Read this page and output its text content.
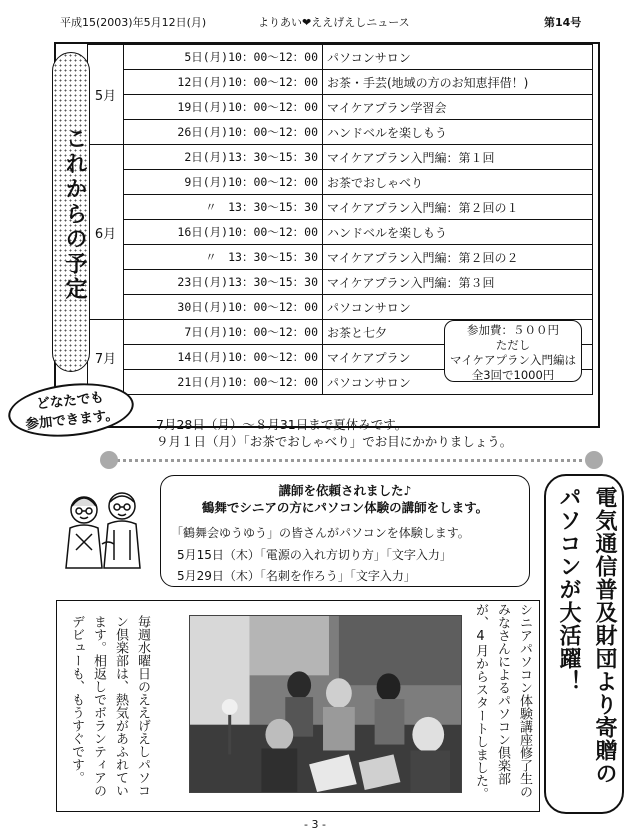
平成15(2003)年5月12日(月)	よりあい❤ええげえしニュース	第14号
5月	5日(月)10：00～12：00	パソコンサロン
	12日(月)10：00～12：00	お茶・手芸(地域の方のお知恵拝借！)
	19日(月)10：00～12：00	マイケアプラン学習会
	26日(月)10：00～12：00	ハンドベルを楽しもう
6月	2日(月)13：30～15：30	マイケアプラン入門編：第１回
	9日(月)10：00～12：00	お茶でおしゃべり
	〃　13：30～15：30	マイケアプラン入門編：第２回の１
	16日(月)10：00～12：00	ハンドベルを楽しもう
	〃　13：30～15：30	マイケアプラン入門編：第２回の２
	23日(月)13：30～15：30	マイケアプラン入門編：第３回
	30日(月)10：00～12：00	パソコンサロン
7月	7日(月)10：00～12：00	お茶と七夕
	14日(月)10：00～12：00	マイケアプラン
	21日(月)10：00～12：00	パソコンサロン
これからの予定
参加費：５００円
ただし
マイケアプラン入門編は
全3回で1000円
どなたでも
参加できます。	7月28日（月）～８月31日まで夏休みです。
９月１日（月）「お茶でおしゃべり」でお目にかかりましょう。
講師を依頼されました♪
鶴舞でシニアの方にパソコン体験の講師をします。
「鶴舞会ゆうゆう」の皆さんがパソコンを体験します。
5月15日（木）「電源の入れ方切り方」「文字入力」
5月29日（木）「名刺を作ろう」「文字入力」	電気通信普及財団より寄贈の
パソコンが大活躍！
毎週水曜日のええげえしパソコン倶楽部は、熱気があふれています。相返しでボランティアのデビューも、もうすぐです。	シニアパソコン体験講座修了生のみなさんによるパソコン倶楽部が、4月からスタートしました。
- 3 -
